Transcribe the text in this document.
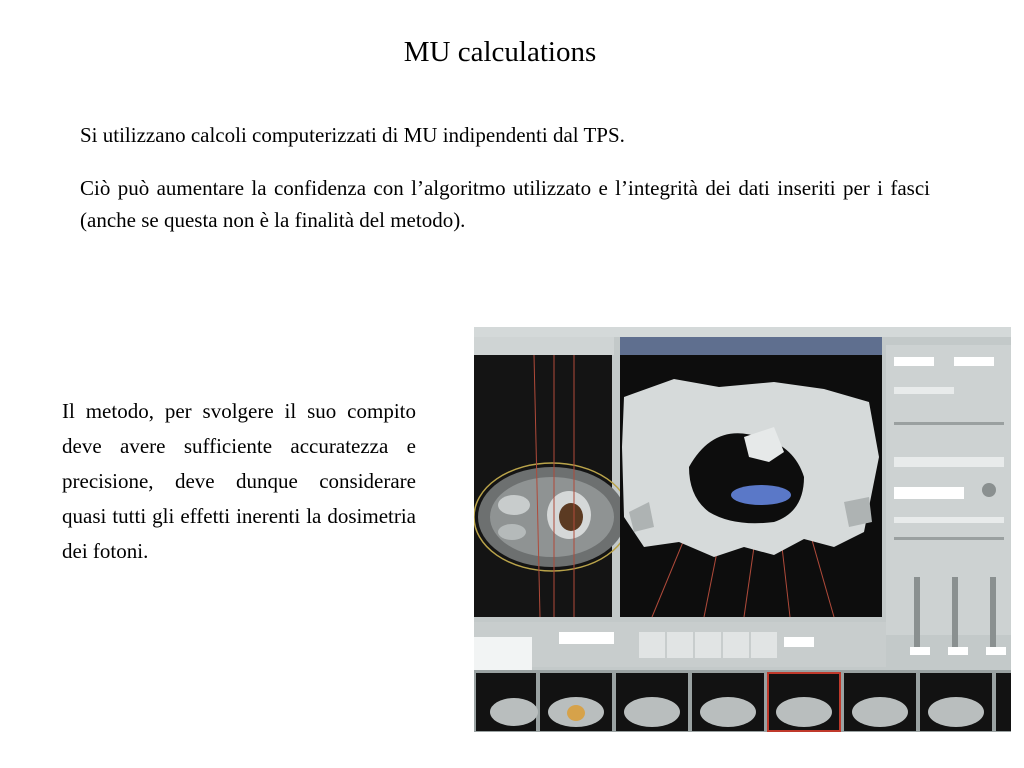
MU calculations

Si utilizzano calcoli computerizzati di MU indipendenti dal TPS.

Ciò può aumentare la confidenza con l’algoritmo utilizzato e l’integrità dei dati inseriti per i fasci (anche se questa non è la finalità del metodo).

Il metodo, per svolgere il suo compito deve avere sufficiente accuratezza e precisione, deve dunque considerare quasi tutti gli effetti inerenti la dosimetria dei fotoni.
